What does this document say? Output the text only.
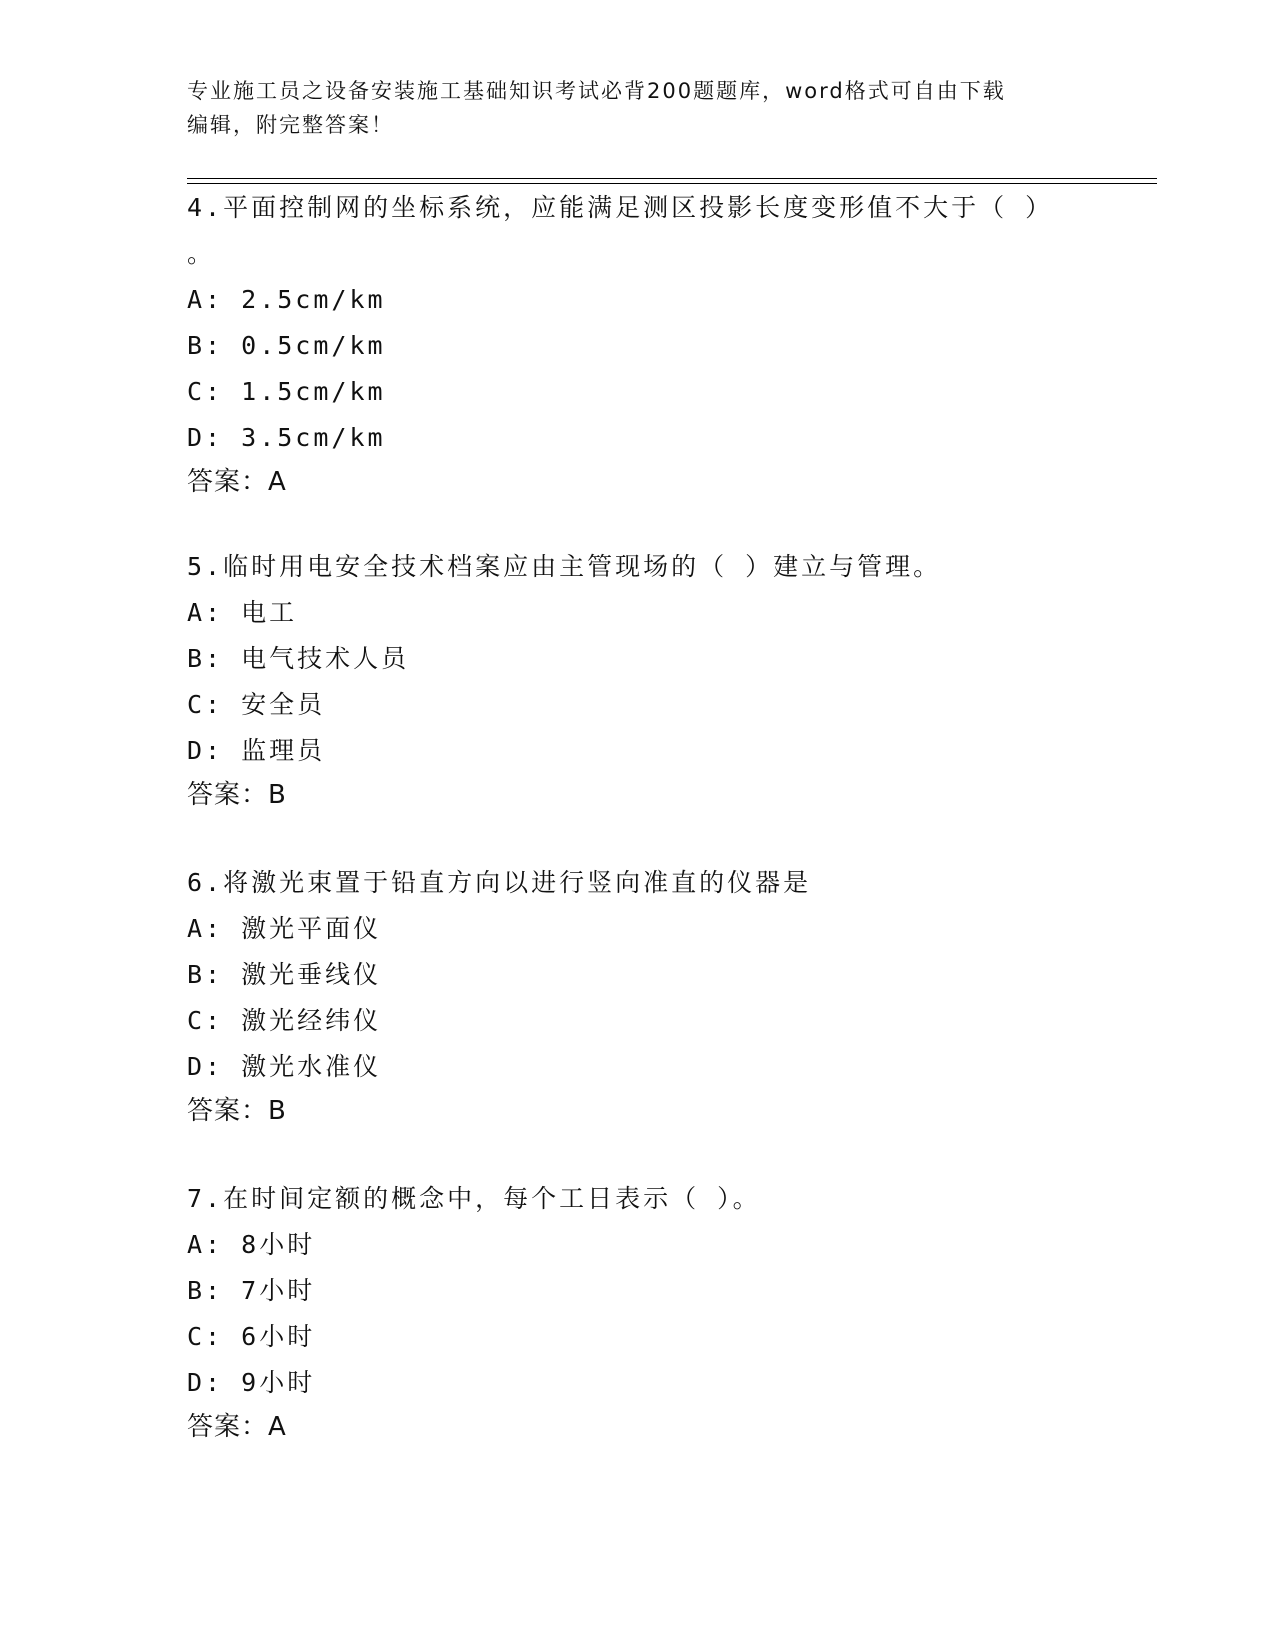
专业施工员之设备安装施工基础知识考试必背200题题库，word格式可自由下载
编辑，附完整答案！

4.平面控制网的坐标系统，应能满足测区投影长度变形值不大于（ ）

。

A: 2.5cm/km
B: 0.5cm/km
C: 1.5cm/km
D: 3.5cm/km
答案：A

5.临时用电安全技术档案应由主管现场的（ ）建立与管理。

A: 电工
B: 电气技术人员
C: 安全员
D: 监理员
答案：B

6.将激光束置于铅直方向以进行竖向准直的仪器是

A: 激光平面仪
B: 激光垂线仪
C: 激光经纬仪
D: 激光水准仪
答案：B

7.在时间定额的概念中，每个工日表示（ ）。

A: 8小时
B: 7小时
C: 6小时
D: 9小时
答案：A
